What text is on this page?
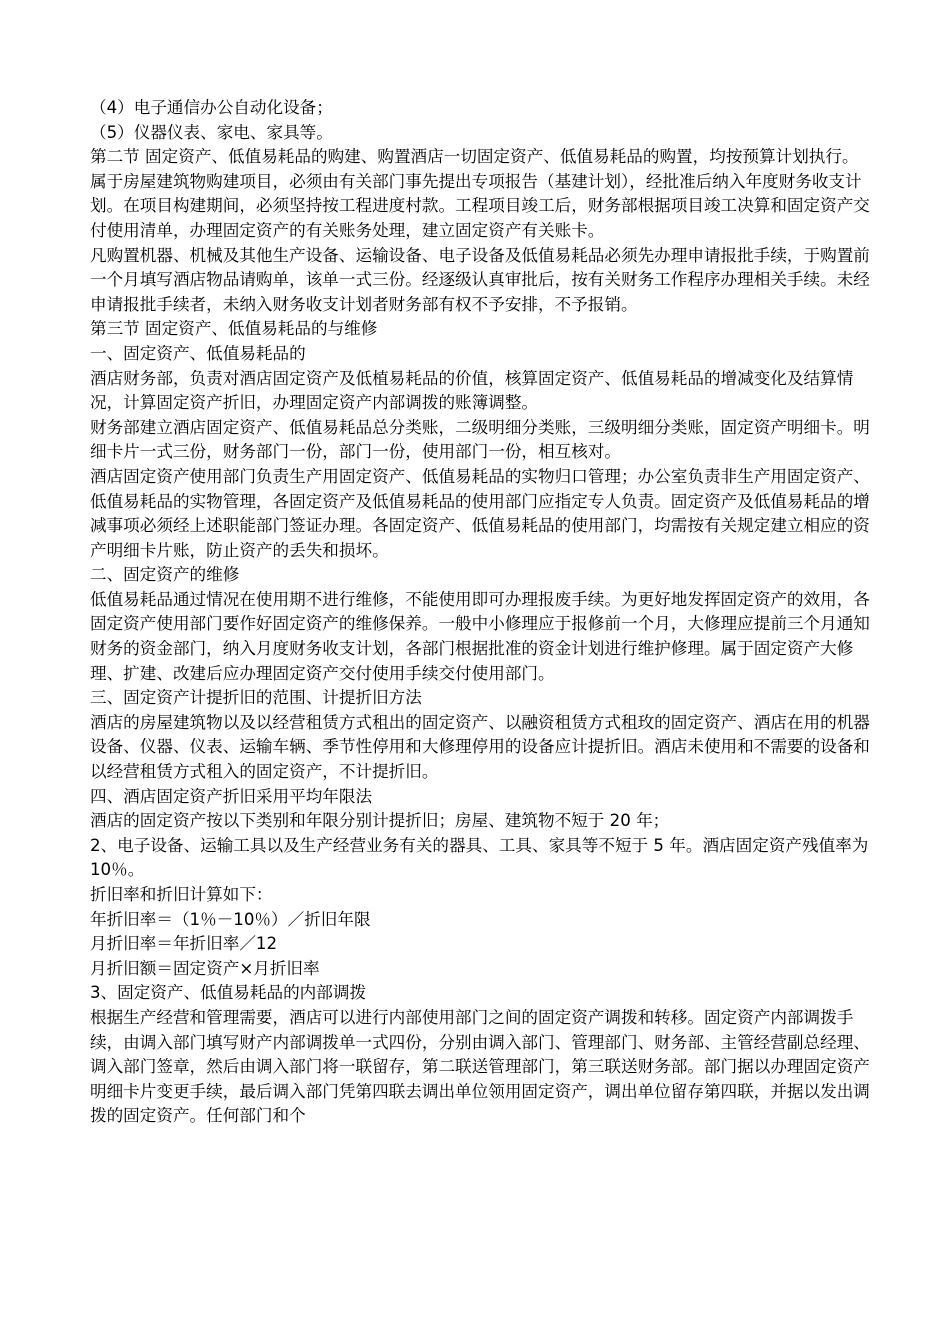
（4）电子通信办公自动化设备；

（5）仪器仪表、家电、家具等。

第二节 固定资产、低值易耗品的购建、购置酒店一切固定资产、低值易耗品的购置，均按预算计划执行。

属于房屋建筑物购建项目，必须由有关部门事先提出专项报告（基建计划），经批准后纳入年度财务收支计划。在项目构建期间，必须坚持按工程进度村款。工程项目竣工后，财务部根据项目竣工决算和固定资产交付使用清单，办理固定资产的有关账务处理，建立固定资产有关账卡。

凡购置机器、机械及其他生产设备、运输设备、电子设备及低值易耗品必须先办理申请报批手续，于购置前一个月填写酒店物品请购单，该单一式三份。经逐级认真审批后，按有关财务工作程序办理相关手续。未经申请报批手续者，未纳入财务收支计划者财务部有权不予安排，不予报销。

第三节 固定资产、低值易耗品的与维修

一、固定资产、低值易耗品的

酒店财务部，负责对酒店固定资产及低植易耗品的价值，核算固定资产、低值易耗品的增减变化及结算情况，计算固定资产折旧，办理固定资产内部调拨的账簿调整。

财务部建立酒店固定资产、低值易耗品总分类账，二级明细分类账，三级明细分类账，固定资产明细卡。明细卡片一式三份，财务部门一份，部门一份，使用部门一份，相互核对。

酒店固定资产使用部门负责生产用固定资产、低值易耗品的实物归口管理；办公室负责非生产用固定资产、低值易耗品的实物管理，各固定资产及低值易耗品的使用部门应指定专人负责。固定资产及低值易耗品的增减事项必须经上述职能部门签证办理。各固定资产、低值易耗品的使用部门，均需按有关规定建立相应的资产明细卡片账，防止资产的丢失和损坏。

二、固定资产的维修

低值易耗品通过情况在使用期不进行维修，不能使用即可办理报废手续。为更好地发挥固定资产的效用，各固定资产使用部门要作好固定资产的维修保养。一般中小修理应于报修前一个月，大修理应提前三个月通知财务的资金部门，纳入月度财务收支计划，各部门根据批准的资金计划进行维护修理。属于固定资产大修理、扩建、改建后应办理固定资产交付使用手续交付使用部门。

三、固定资产计提折旧的范围、计提折旧方法

酒店的房屋建筑物以及以经营租赁方式租出的固定资产、以融资租赁方式租玫的固定资产、酒店在用的机器设备、仪器、仪表、运输车辆、季节性停用和大修理停用的设备应计提折旧。酒店未使用和不需要的设备和以经营租赁方式租入的固定资产，不计提折旧。

四、酒店固定资产折旧采用平均年限法

酒店的固定资产按以下类别和年限分别计提折旧；房屋、建筑物不短于 20 年；

2、电子设备、运输工具以及生产经营业务有关的器具、工具、家具等不短于 5 年。酒店固定资产残值率为 10％。

折旧率和折旧计算如下：

年折旧率＝（1％－10％）／折旧年限

月折旧率＝年折旧率／12

月折旧额＝固定资产×月折旧率

3、固定资产、低值易耗品的内部调拨

根据生产经营和管理需要，酒店可以进行内部使用部门之间的固定资产调拨和转移。固定资产内部调拨手续，由调入部门填写财产内部调拨单一式四份，分别由调入部门、管理部门、财务部、主管经营副总经理、调入部门签章，然后由调入部门将一联留存，第二联送管理部门，第三联送财务部。部门据以办理固定资产明细卡片变更手续，最后调入部门凭第四联去调出单位领用固定资产，调出单位留存第四联，并据以发出调拨的固定资产。任何部门和个
